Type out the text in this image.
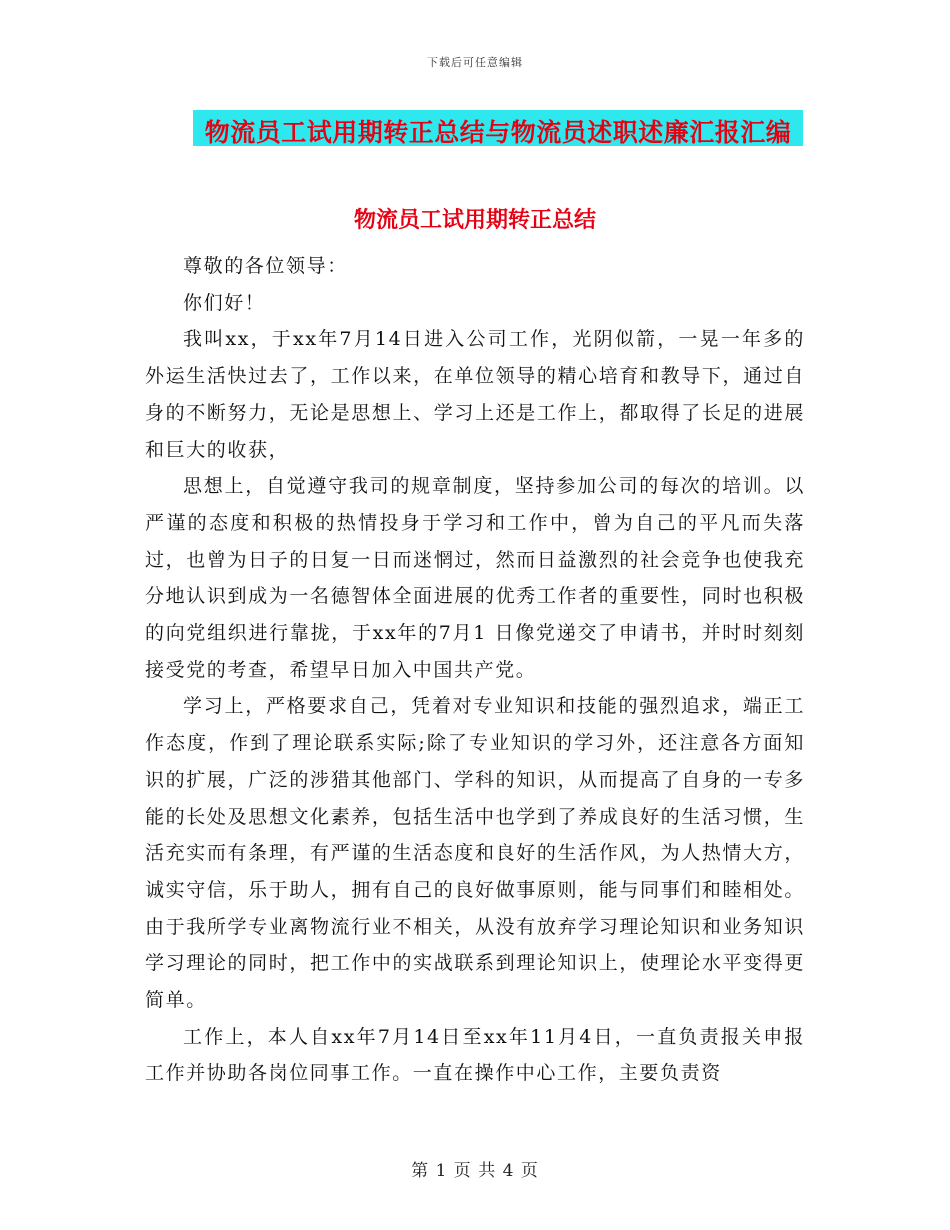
下载后可任意编辑
物流员工试用期转正总结与物流员述职述廉汇报汇编
物流员工试用期转正总结

尊敬的各位领导：

你们好！

我叫xx，于xx年7月14日进入公司工作，光阴似箭，一晃一年多的外运生活快过去了，工作以来，在单位领导的精心培育和教导下，通过自身的不断努力，无论是思想上、学习上还是工作上，都取得了长足的进展和巨大的收获，

思想上，自觉遵守我司的规章制度，坚持参加公司的每次的培训。以严谨的态度和积极的热情投身于学习和工作中，曾为自己的平凡而失落过，也曾为日子的日复一日而迷惘过，然而日益激烈的社会竞争也使我充分地认识到成为一名德智体全面进展的优秀工作者的重要性，同时也积极的向党组织进行靠拢，于xx年的7月1 日像党递交了申请书，并时时刻刻接受党的考查，希望早日加入中国共产党。

学习上，严格要求自己，凭着对专业知识和技能的强烈追求，端正工作态度，作到了理论联系实际;除了专业知识的学习外，还注意各方面知识的扩展，广泛的涉猎其他部门、学科的知识，从而提高了自身的一专多能的长处及思想文化素养，包括生活中也学到了养成良好的生活习惯，生活充实而有条理，有严谨的生活态度和良好的生活作风，为人热情大方，诚实守信，乐于助人，拥有自己的良好做事原则，能与同事们和睦相处。由于我所学专业离物流行业不相关，从没有放弃学习理论知识和业务知识学习理论的同时，把工作中的实战联系到理论知识上，使理论水平变得更简单。

工作上，本人自xx年7月14日至xx年11月4日，一直负责报关申报工作并协助各岗位同事工作。一直在操作中心工作，主要负责资

第 1 页 共 4 页
